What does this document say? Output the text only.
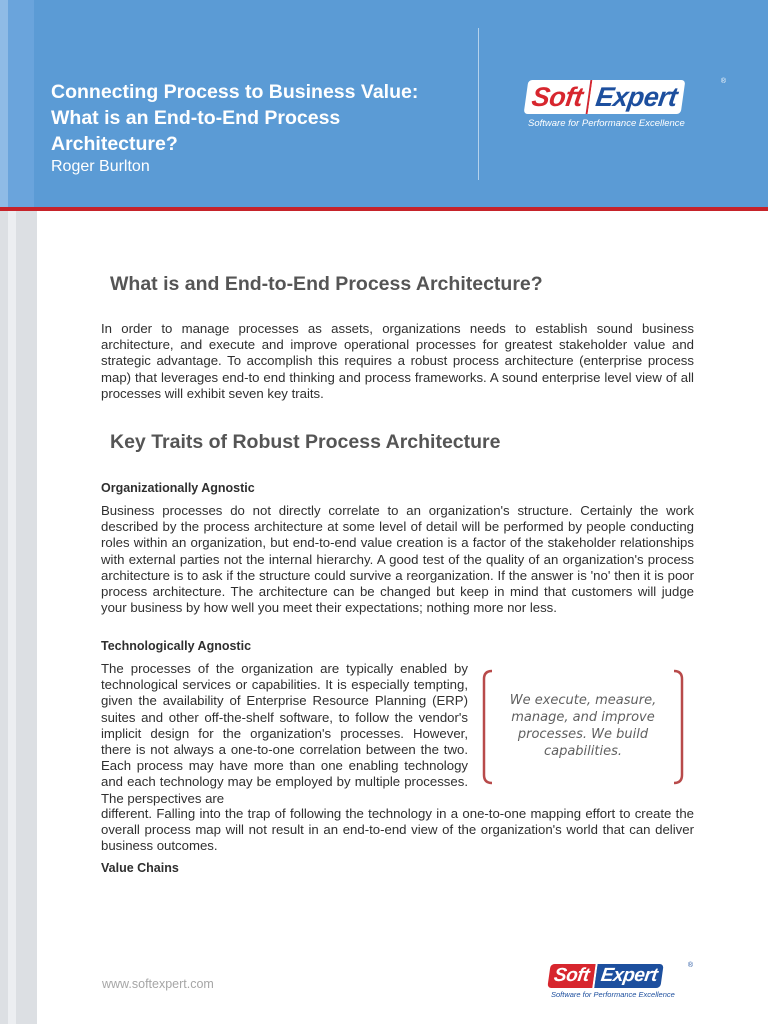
Connecting Process to Business Value: What is an End-to-End Process Architecture?
Roger Burlton
Soft Expert
®
Software for Performance Excellence
What is and End-to-End Process Architecture?

In order to manage processes as assets, organizations needs to establish sound business architecture, and execute and improve operational processes for greatest stakeholder value and strategic advantage. To accomplish this requires a robust process architecture (enterprise process map) that leverages end-to end thinking and process frameworks. A sound enterprise level view of all processes will exhibit seven key traits.

Key Traits of Robust Process Architecture

Organizationally Agnostic

Business processes do not directly correlate to an organization's structure. Certainly the work described by the process architecture at some level of detail will be performed by people conducting roles within an organization, but end-to-end value creation is a factor of the stakeholder relationships with external parties not the internal hierarchy. A good test of the quality of an organization's process architecture is to ask if the structure could survive a reorganization. If the answer is 'no' then it is poor process architecture. The architecture can be changed but keep in mind that customers will judge your business by how well you meet their expectations; nothing more nor less.

Technologically Agnostic

The processes of the organization are typically enabled by technological services or capabilities. It is especially tempting, given the availability of Enterprise Resource Planning (ERP) suites and other off-the-shelf software, to follow the vendor's implicit design for the organization's processes. However, there is not always a one-to-one correlation between the two. Each process may have more than one enabling technology and each technology may be employed by multiple processes. The perspectives are

We execute, measure, manage, and improve processes. We build capabilities.

different. Falling into the trap of following the technology in a one-to-one mapping effort to create the overall process map will not result in an end-to-end view of the organization's world that can deliver business outcomes.

Value Chains

www.softexpert.com	Soft Expert	®
Software for Performance Excellence
